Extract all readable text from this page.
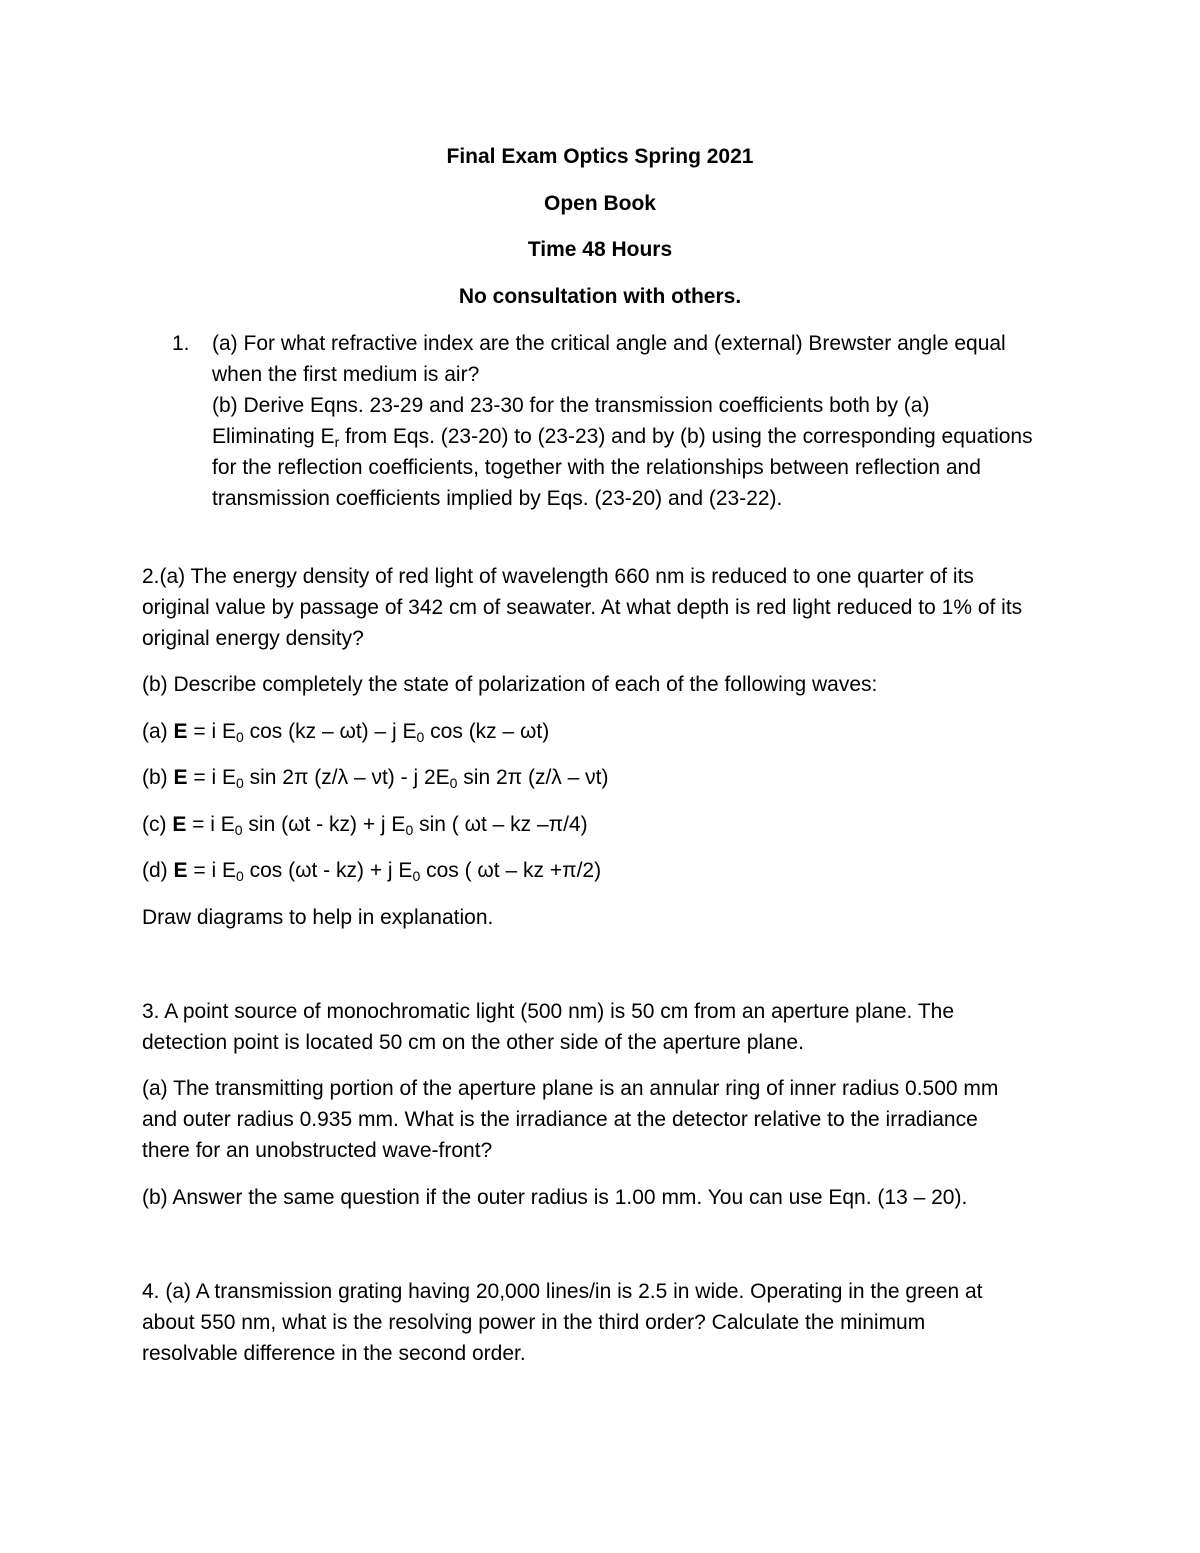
Final Exam Optics Spring 2021
Open Book
Time 48 Hours
No consultation with others.
1. (a) For what refractive index are the critical angle and (external) Brewster angle equal
when the first medium is air?
(b) Derive Eqns. 23-29 and 23-30 for the transmission coefficients both by (a)
Eliminating $E_r$ from Eqs. (23-20) to (23-23) and by (b) using the corresponding equations
for the reflection coefficients, together with the relationships between reflection and
transmission coefficients implied by Eqs. (23-20) and (23-22).
2.(a) The energy density of red light of wavelength 660 nm is reduced to one quarter of its
original value by passage of 342 cm of seawater. At what depth is red light reduced to 1% of its
original energy density?
(b) Describe completely the state of polarization of each of the following waves:
(a) E = i $E_0$ cos (kz – ωt) – j $E_0$ cos (kz – ωt)
(b) E = i $E_0$ sin 2π (z/λ – νt) - j $2E_0$ sin 2π (z/λ – νt)
(c) E = i $E_0$ sin (ωt - kz) + j $E_0$ sin ( ωt – kz –π/4)
(d) E = i $E_0$ cos (ωt - kz) + j $E_0$ cos ( ωt – kz +π/2)
Draw diagrams to help in explanation.
3. A point source of monochromatic light (500 nm) is 50 cm from an aperture plane. The
detection point is located 50 cm on the other side of the aperture plane.
(a) The transmitting portion of the aperture plane is an annular ring of inner radius 0.500 mm
and outer radius 0.935 mm. What is the irradiance at the detector relative to the irradiance
there for an unobstructed wave-front?
(b) Answer the same question if the outer radius is 1.00 mm. You can use Eqn. (13 – 20).
4. (a) A transmission grating having 20,000 lines/in is 2.5 in wide. Operating in the green at
about 550 nm, what is the resolving power in the third order? Calculate the minimum
resolvable difference in the second order.
